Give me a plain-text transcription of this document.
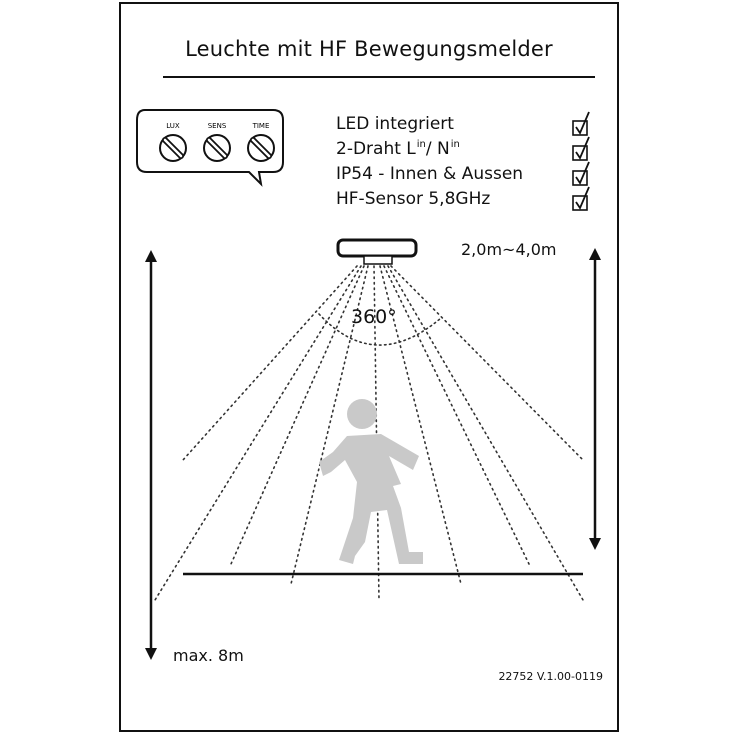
LUX	SENS	TIME
Leuchte mit HF Bewegungsmelder
LED integriert
2-Draht $L^{in}/$ $N^{in}$
IP54 - Innen & Aussen
HF-Sensor 5,8GHz
2,0m~4,0m
360°
max. 8m
22752 V.1.00-0119
